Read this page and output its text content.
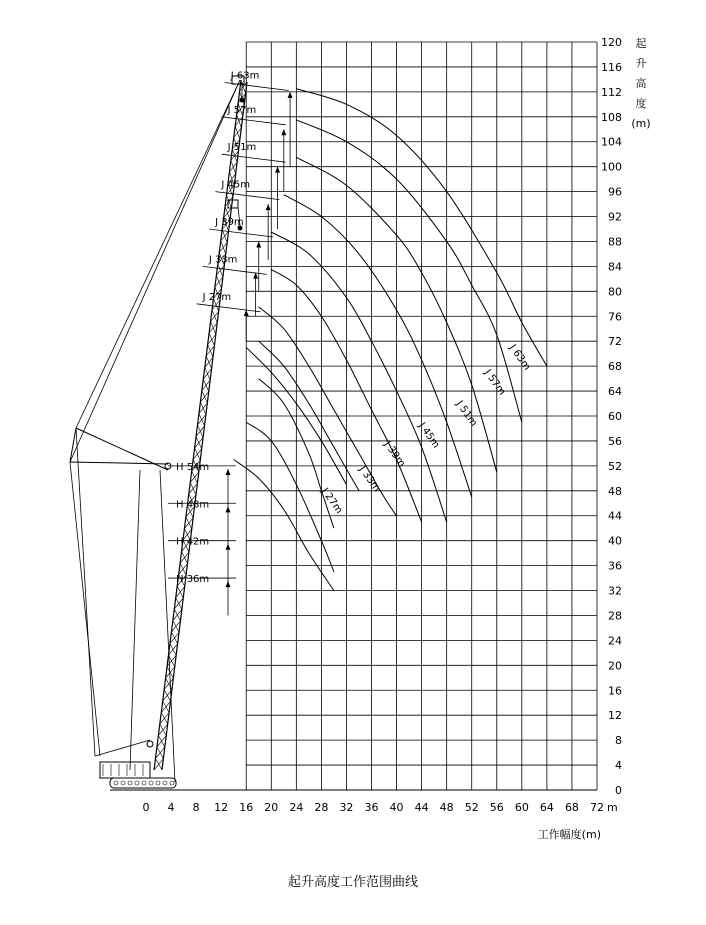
J 63m
J 57m
J 51m
J 45m
J 39m
J 33m
J 27m
J 63m
J 57m
J 51m
J 45m
J 39m
J 33m
J 27m
H 54m
H 48m
H 42m
H 36m
0 4 8 12 16 20 24 28 32 36 40 44 48 52 56 60 64 68 72 m
工作幅度(m)
0
4
8
12
16
20
24
28
32
36
40
44
48
52
56
60
64
68
72
76
80
84
88
92
96
100
104
108
112
116
120 起
升
高
度
(m)
起升高度工作范围曲线
